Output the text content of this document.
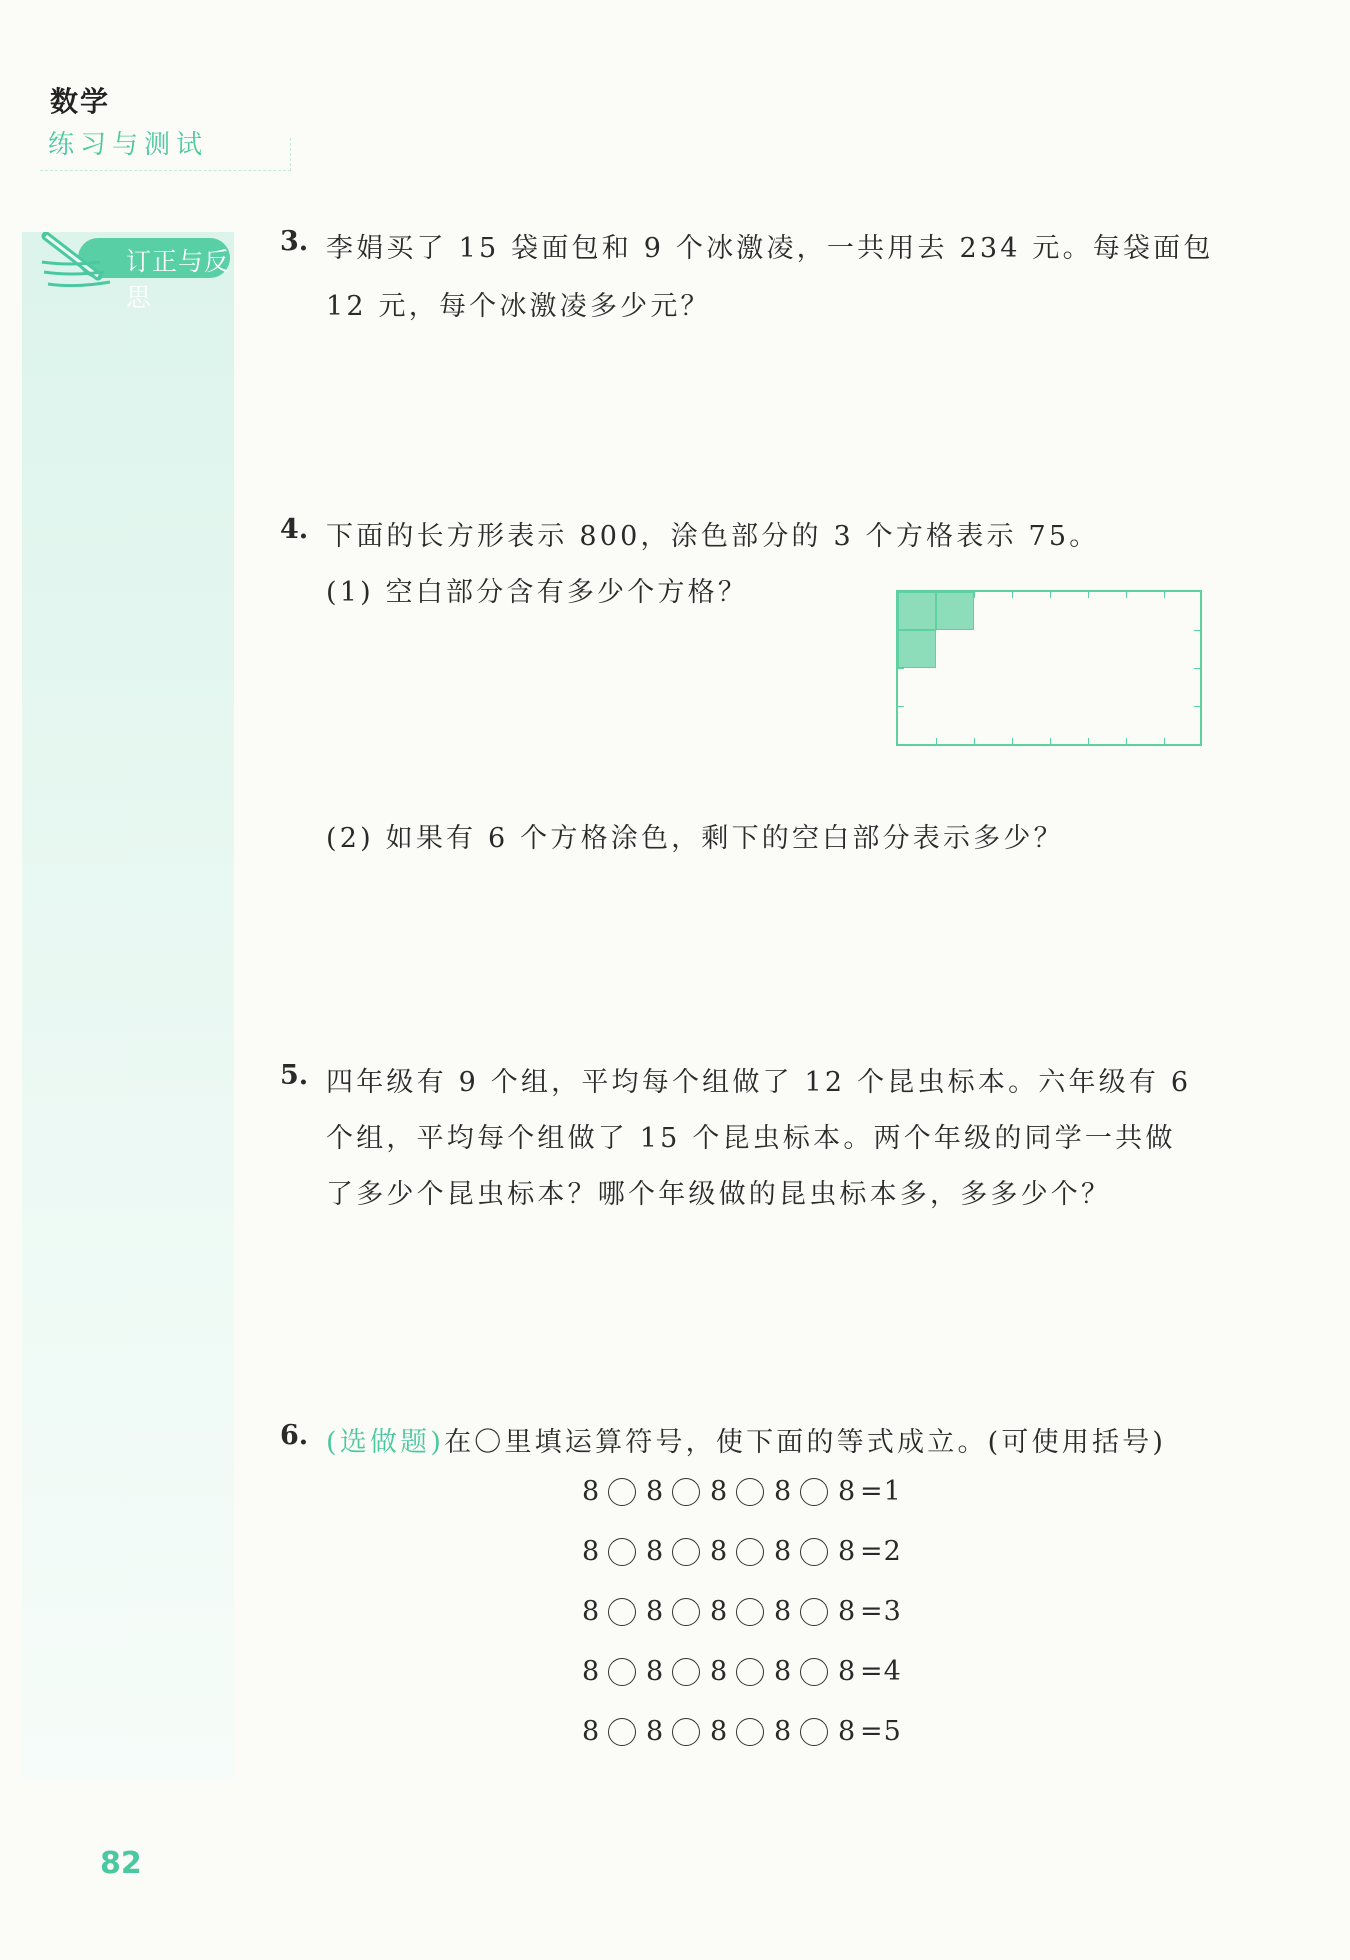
数学
练习与测试
订正与反思
3. 李娟买了 15 袋面包和 9 个冰激凌，一共用去 234 元。每袋面包
12 元，每个冰激凌多少元？
4. 下面的长方形表示 800，涂色部分的 3 个方格表示 75。
(1) 空白部分含有多少个方格？
(2) 如果有 6 个方格涂色，剩下的空白部分表示多少？
5. 四年级有 9 个组，平均每个组做了 12 个昆虫标本。六年级有 6
个组，平均每个组做了 15 个昆虫标本。两个年级的同学一共做
了多少个昆虫标本？哪个年级做的昆虫标本多，多多少个？
6. (选做题)在〇里填运算符号，使下面的等式成立。(可使用括号)
8 8 8 8 8 =1
8 8 8 8 8 =2
8 8 8 8 8 =3
8 8 8 8 8 =4
8 8 8 8 8 =5
82
